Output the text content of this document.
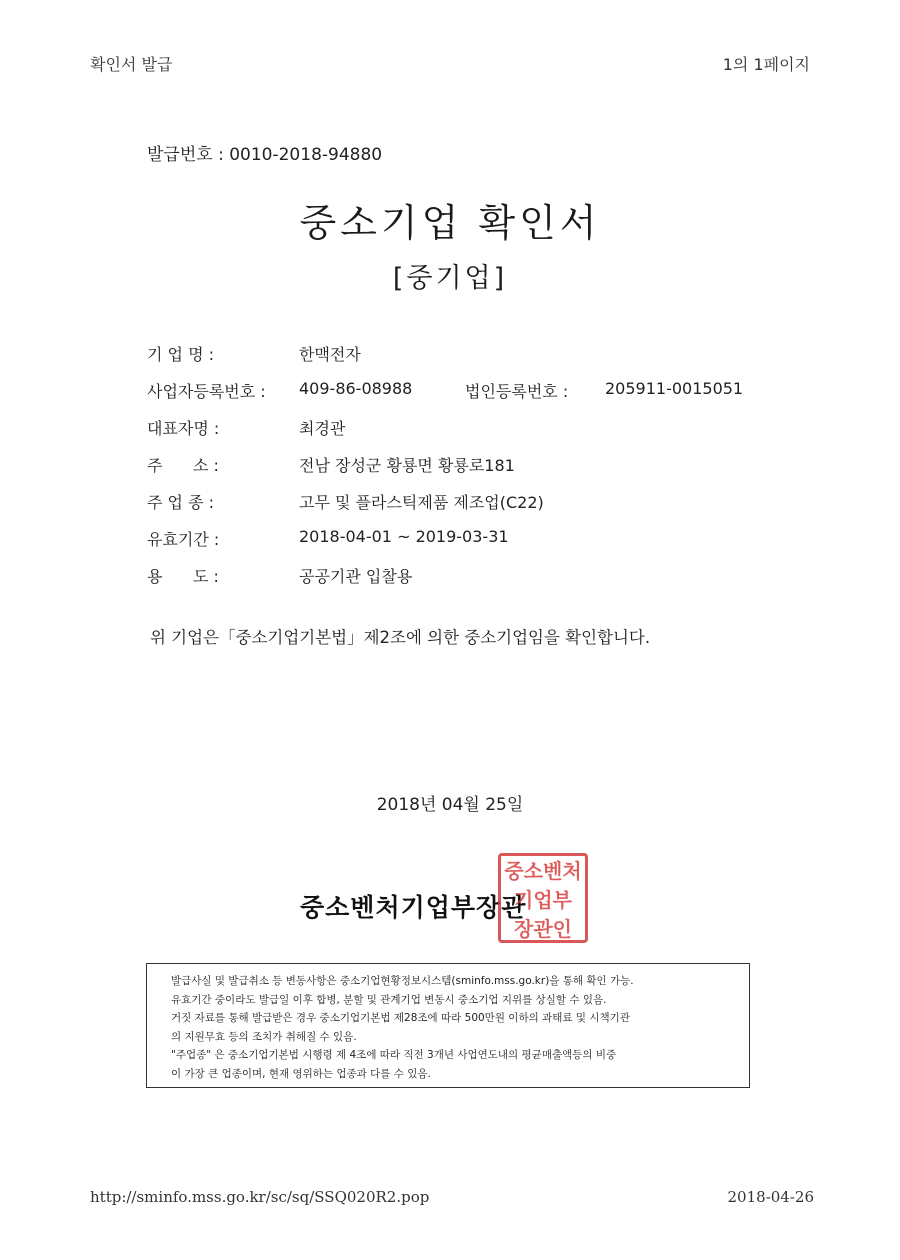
확인서 발급	1의 1페이지
발급번호 : 0010-2018-94880
중소기업 확인서
[중기업]
기 업 명 :	한맥전자
사업자등록번호 : 409-86-08988	법인등록번호 : 205911-0015051
대표자명 :	최경관
주      소 :	전남 장성군 황룡면 황룡로181
주 업 종 :	고무 및 플라스틱제품 제조업(C22)
유효기간 :	2018-04-01 ~ 2019-03-31
용      도 :	공공기관 입찰용
위 기업은「중소기업기본법」제2조에 의한 중소기업임을 확인합니다.
2018년 04월 25일
중소벤처기업부장관
중소벤처
기업부
장관인
발급사실 및 발급취소 등 변동사항은 중소기업현황정보시스템(sminfo.mss.go.kr)을 통해 확인 가능.
유효기간 중이라도 발급일 이후 합병, 분할 및 관계기업 변동시 중소기업 지위를 상실할 수 있음.
거짓 자료를 통해 발급받은 경우 중소기업기본법 제28조에 따라 500만원 이하의 과태료 및 시책기관
의 지원무효 등의 조치가 취해질 수 있음.
"주업종" 은 중소기업기본법 시행령 제 4조에 따라 직전 3개년 사업연도내의 평균매출액등의 비중
이 가장 큰 업종이며, 현재 영위하는 업종과 다를 수 있음.
http://sminfo.mss.go.kr/sc/sq/SSQ020R2.pop	2018-04-26
